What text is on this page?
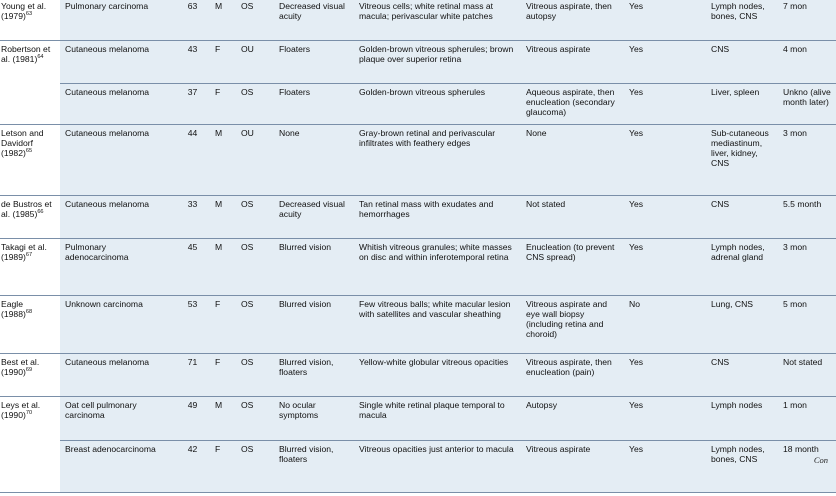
Young et al. $(1979)^{63}$	Pulmonary carcinoma	63	M	OS	Decreased visual acuity	Vitreous cells; white retinal mass at macula; perivascular white patches	Vitreous aspirate, then autopsy	Yes	Lymph nodes, bones, CNS	7 mon
Robertson et al. $(1981)^{64}$	Cutaneous melanoma	43	F	OU	Floaters	Golden-brown vitreous spherules; brown plaque over superior retina	Vitreous aspirate	Yes	CNS	4 mon
	Cutaneous melanoma	37	F	OS	Floaters	Golden-brown vitreous spherules	Aqueous aspirate, then enucleation (secondary glaucoma)	Yes	Liver, spleen	Unkno (alive month later)
Letson and Davidorf $(1982)^{65}$	Cutaneous melanoma	44	M	OU	None	Gray-brown retinal and perivascular infiltrates with feathery edges	None	Yes	Sub-cutaneous mediastinum, liver, kidney, CNS	3 mon
de Bustros et al. $(1985)^{66}$	Cutaneous melanoma	33	M	OS	Decreased visual acuity	Tan retinal mass with exudates and hemorrhages	Not stated	Yes	CNS	5.5 month
Takagi et al. $(1989)^{67}$	Pulmonary adenocarcinoma	45	M	OS	Blurred vision	Whitish vitreous granules; white masses on disc and within inferotemporal retina	Enucleation (to prevent CNS spread)	Yes	Lymph nodes, adrenal gland	3 mon
Eagle $(1988)^{68}$	Unknown carcinoma	53	F	OS	Blurred vision	Few vitreous balls; white macular lesion with satellites and vascular sheathing	Vitreous aspirate and eye wall biopsy (including retina and choroid)	No	Lung, CNS	5 mon
Best et al. $(1990)^{69}$	Cutaneous melanoma	71	F	OS	Blurred vision, floaters	Yellow-white globular vitreous opacities	Vitreous aspirate, then enucleation (pain)	Yes	CNS	Not stated
Leys et al. $(1990)^{70}$	Oat cell pulmonary carcinoma	49	M	OS	No ocular symptoms	Single white retinal plaque temporal to macula	Autopsy	Yes	Lymph nodes	1 mon
	Breast adenocarcinoma	42	F	OS	Blurred vision, floaters	Vitreous opacities just anterior to macula	Vitreous aspirate	Yes	Lymph nodes, bones, CNS	18 month
Con
